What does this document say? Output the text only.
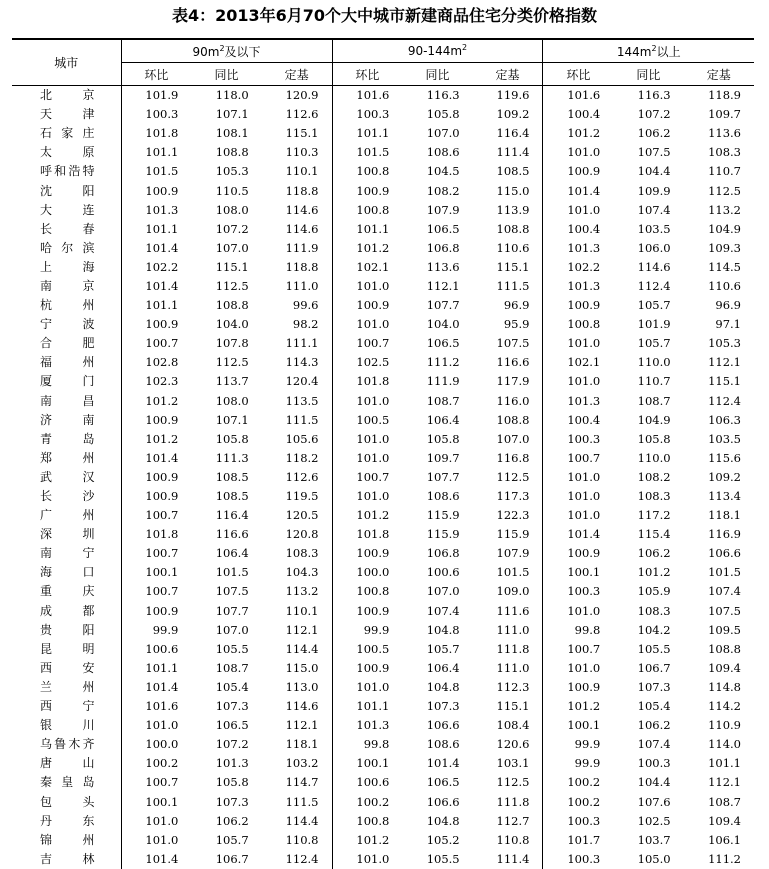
表4：2013年6月70个大中城市新建商品住宅分类价格指数
城市	$90m^2$及以下			$90-144m^2$			$144m^2$以上		
	环比	同比	定基	环比	同比	定基	环比	同比	定基
北京	101.9	118.0	120.9	101.6	116.3	119.6	101.6	116.3	118.9
天津	100.3	107.1	112.6	100.3	105.8	109.2	100.4	107.2	109.7
石家庄	101.8	108.1	115.1	101.1	107.0	116.4	101.2	106.2	113.6
太原	101.1	108.8	110.3	101.5	108.6	111.4	101.0	107.5	108.3
呼和浩特	101.5	105.3	110.1	100.8	104.5	108.5	100.9	104.4	110.7
沈阳	100.9	110.5	118.8	100.9	108.2	115.0	101.4	109.9	112.5
大连	101.3	108.0	114.6	100.8	107.9	113.9	101.0	107.4	113.2
长春	101.1	107.2	114.6	101.1	106.5	108.8	100.4	103.5	104.9
哈尔滨	101.4	107.0	111.9	101.2	106.8	110.6	101.3	106.0	109.3
上海	102.2	115.1	118.8	102.1	113.6	115.1	102.2	114.6	114.5
南京	101.4	112.5	111.0	101.0	112.1	111.5	101.3	112.4	110.6
杭州	101.1	108.8	99.6	100.9	107.7	96.9	100.9	105.7	96.9
宁波	100.9	104.0	98.2	101.0	104.0	95.9	100.8	101.9	97.1
合肥	100.7	107.8	111.1	100.7	106.5	107.5	101.0	105.7	105.3
福州	102.8	112.5	114.3	102.5	111.2	116.6	102.1	110.0	112.1
厦门	102.3	113.7	120.4	101.8	111.9	117.9	101.0	110.7	115.1
南昌	101.2	108.0	113.5	101.0	108.7	116.0	101.3	108.7	112.4
济南	100.9	107.1	111.5	100.5	106.4	108.8	100.4	104.9	106.3
青岛	101.2	105.8	105.6	101.0	105.8	107.0	100.3	105.8	103.5
郑州	101.4	111.3	118.2	101.0	109.7	116.8	100.7	110.0	115.6
武汉	100.9	108.5	112.6	100.7	107.7	112.5	101.0	108.2	109.2
长沙	100.9	108.5	119.5	101.0	108.6	117.3	101.0	108.3	113.4
广州	100.7	116.4	120.5	101.2	115.9	122.3	101.0	117.2	118.1
深圳	101.8	116.6	120.8	101.8	115.9	115.9	101.4	115.4	116.9
南宁	100.7	106.4	108.3	100.9	106.8	107.9	100.9	106.2	106.6
海口	100.1	101.5	104.3	100.0	100.6	101.5	100.1	101.2	101.5
重庆	100.7	107.5	113.2	100.8	107.0	109.0	100.3	105.9	107.4
成都	100.9	107.7	110.1	100.9	107.4	111.6	101.0	108.3	107.5
贵阳	99.9	107.0	112.1	99.9	104.8	111.0	99.8	104.2	109.5
昆明	100.6	105.5	114.4	100.5	105.7	111.8	100.7	105.5	108.8
西安	101.1	108.7	115.0	100.9	106.4	111.0	101.0	106.7	109.4
兰州	101.4	105.4	113.0	101.0	104.8	112.3	100.9	107.3	114.8
西宁	101.6	107.3	114.6	101.1	107.3	115.1	101.2	105.4	114.2
银川	101.0	106.5	112.1	101.3	106.6	108.4	100.1	106.2	110.9
乌鲁木齐	100.0	107.2	118.1	99.8	108.6	120.6	99.9	107.4	114.0
唐山	100.2	101.3	103.2	100.1	101.4	103.1	99.9	100.3	101.1
秦皇岛	100.7	105.8	114.7	100.6	106.5	112.5	100.2	104.4	112.1
包头	100.1	107.3	111.5	100.2	106.6	111.8	100.2	107.6	108.7
丹东	101.0	106.2	114.4	100.8	104.8	112.7	100.3	102.5	109.4
锦州	101.0	105.7	110.8	101.2	105.2	110.8	101.7	103.7	106.1
吉林	101.4	106.7	112.4	101.0	105.5	111.4	100.3	105.0	111.2
